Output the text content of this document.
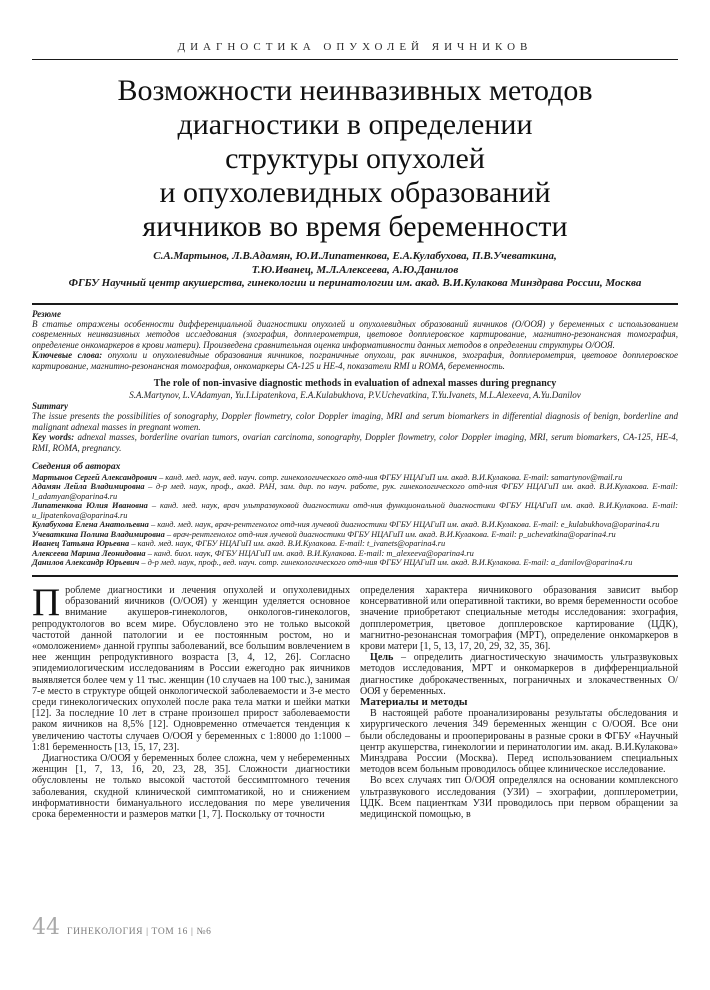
ДИАГНОСТИКА ОПУХОЛЕЙ ЯИЧНИКОВ
Возможности неинвазивных методов
диагностики в определении
структуры опухолей
и опухолевидных образований
яичников во время беременности
С.А.Мартынов, Л.В.Адамян, Ю.И.Липатенкова, Е.А.Кулабухова, П.В.Учеваткина,
Т.Ю.Иванец, М.Л.Алексеева, А.Ю.Данилов
ФГБУ Научный центр акушерства, гинекологии и перинатологии им. акад. В.И.Кулакова Минздрава России, Москва
Резюме
В статье отражены особенности дифференциальной диагностики опухолей и опухолевидных образований яичников (О/ООЯ) у беременных с использованием современных неинвазивных методов исследования (эхография, допплерометрия, цветовое допплеровское картирование, магнитно-резонансная томография, определение онкомаркеров в крови матери). Произведена сравнительная оценка информативности данных методов в определении структуры О/ООЯ.
Ключевые слова: опухоли и опухолевидные образования яичников, пограничные опухоли, рак яичников, эхография, допплерометрия, цветовое допплеровское картирование, магнитно-резонансная томография, онкомаркеры СА-125 и НЕ-4, показатели RMI и ROMA, беременность.
The role of non-invasive diagnostic methods in evaluation of adnexal masses during pregnancy
S.A.Martynov, L.V.Adamyan, Yu.I.Lipatenkova, E.A.Kulabukhova, P.V.Uchevatkina, T.Yu.Ivanets, M.L.Alexeeva, A.Yu.Danilov
Summary
The issue presents the possibilities of sonography, Doppler flowmetry, color Doppler imaging, MRI and serum biomarkers in differential diagnosis of benign, borderline and malignant adnexal masses in pregnant women.
Key words: adnexal masses, borderline ovarian tumors, ovarian carcinoma, sonography, Doppler flowmetry, color Doppler imaging, MRI, serum biomarkers, CA-125, HE-4, RMI, ROMA, pregnancy.
Сведения об авторах

Мартынов Сергей Александрович – канд. мед. наук, вед. науч. сотр. гинекологического отд-ния ФГБУ НЦАГиП им. акад. В.И.Кулакова. E-mail: samartynov@mail.ru

Адамян Лейла Владимировна – д-р мед. наук, проф., акад. РАН, зам. дир. по науч. работе, рук. гинекологического отд-ния ФГБУ НЦАГиП им. акад. В.И.Кулакова. E-mail: l_adamyan@oparina4.ru

Липатенкова Юлия Ивановна – канд. мед. наук, врач ультразвуковой диагностики отд-ния функциональной диагностики ФГБУ НЦАГиП им. акад. В.И.Кулакова. E-mail: u_lipatenkova@oparina4.ru

Кулабухова Елена Анатольевна – канд. мед. наук, врач-рентгенолог отд-ния лучевой диагностики ФГБУ НЦАГиП им. акад. В.И.Кулакова. E-mail: e_kulabukhova@oparina4.ru

Учеваткина Полина Владимировна – врач-рентгенолог отд-ния лучевой диагностики ФГБУ НЦАГиП им. акад. В.И.Кулакова. E-mail: p_uchevatkina@oparina4.ru

Иванец Татьяна Юрьевна – канд. мед. наук, ФГБУ НЦАГиП им. акад. В.И.Кулакова. E-mail: t_ivanets@oparina4.ru

Алексеева Марина Леонидовна – канд. биол. наук, ФГБУ НЦАГиП им. акад. В.И.Кулакова. E-mail: m_alexeeva@oparina4.ru

Данилов Александр Юрьевич – д-р мед. наук, проф., вед. науч. сотр. гинекологического отд-ния ФГБУ НЦАГиП им. акад. В.И.Кулакова. E-mail: a_danilov@oparina4.ru

Проблеме диагностики и лечения опухолей и опухолевидных образований яичников (О/ООЯ) у женщин уделяется основное внимание акушеров-гинекологов, онкологов-гинекологов, репродуктологов во всем мире. Обусловлено это не только высокой частотой данной патологии и ее постоянным ростом, но и «омоложением» данной группы заболеваний, все большим вовлечением в нее женщин репродуктивного возраста [3, 4, 12, 26]. Согласно эпидемиологическим исследованиям в России ежегодно рак яичников выявляется более чем у 11 тыс. женщин (10 случаев на 100 тыс.), занимая 7-е место в структуре общей онкологической заболеваемости и 3-е место среди гинекологических опухолей после рака тела матки и шейки матки [12]. За последние 10 лет в стране произошел прирост заболеваемости раком яичников на 8,5% [12]. Одновременно отмечается тенденция к увеличению частоты случаев О/ООЯ у беременных с 1:8000 до 1:1000 – 1:81 беременность [13, 15, 17, 23].

Диагностика О/ООЯ у беременных более сложна, чем у небеременных женщин [1, 7, 13, 16, 20, 23, 28, 35]. Сложности диагностики обусловлены не только высокой частотой бессимптомного течения заболевания, скудной клинической симптоматикой, но и снижением информативности бимануального исследования по мере увеличения срока беременности и размеров матки [1, 7]. Поскольку от точности

определения характера яичникового образования зависит выбор консервативной или оперативной тактики, во время беременности особое значение приобретают специальные методы исследования: эхография, допплерометрия, цветовое допплеровское картирование (ЦДК), магнитно-резонансная томография (МРТ), определение онкомаркеров в крови матери [1, 5, 13, 17, 20, 29, 32, 35, 36].

Цель – определить диагностическую значимость ультразвуковых методов исследования, МРТ и онкомаркеров в дифференциальной диагностике доброкачественных, пограничных и злокачественных О/ООЯ у беременных.

Материалы и методы

В настоящей работе проанализированы результаты обследования и хирургического лечения 349 беременных женщин с О/ООЯ. Все они были обследованы и прооперированы в разные сроки в ФГБУ «Научный центр акушерства, гинекологии и перинатологии им. акад. В.И.Кулакова» Минздрава России (Москва). Перед использованием специальных методов всем больным проводилось общее клиническое исследование.

Во всех случаях тип О/ООЯ определялся на основании комплексного ультразвукового исследования (УЗИ) – эхографии, допплерометрии, ЦДК. Всем пациенткам УЗИ проводилось при первом обращении за медицинской помощью, в

44 ГИНЕКОЛОГИЯ | ТОМ 16 | №6
